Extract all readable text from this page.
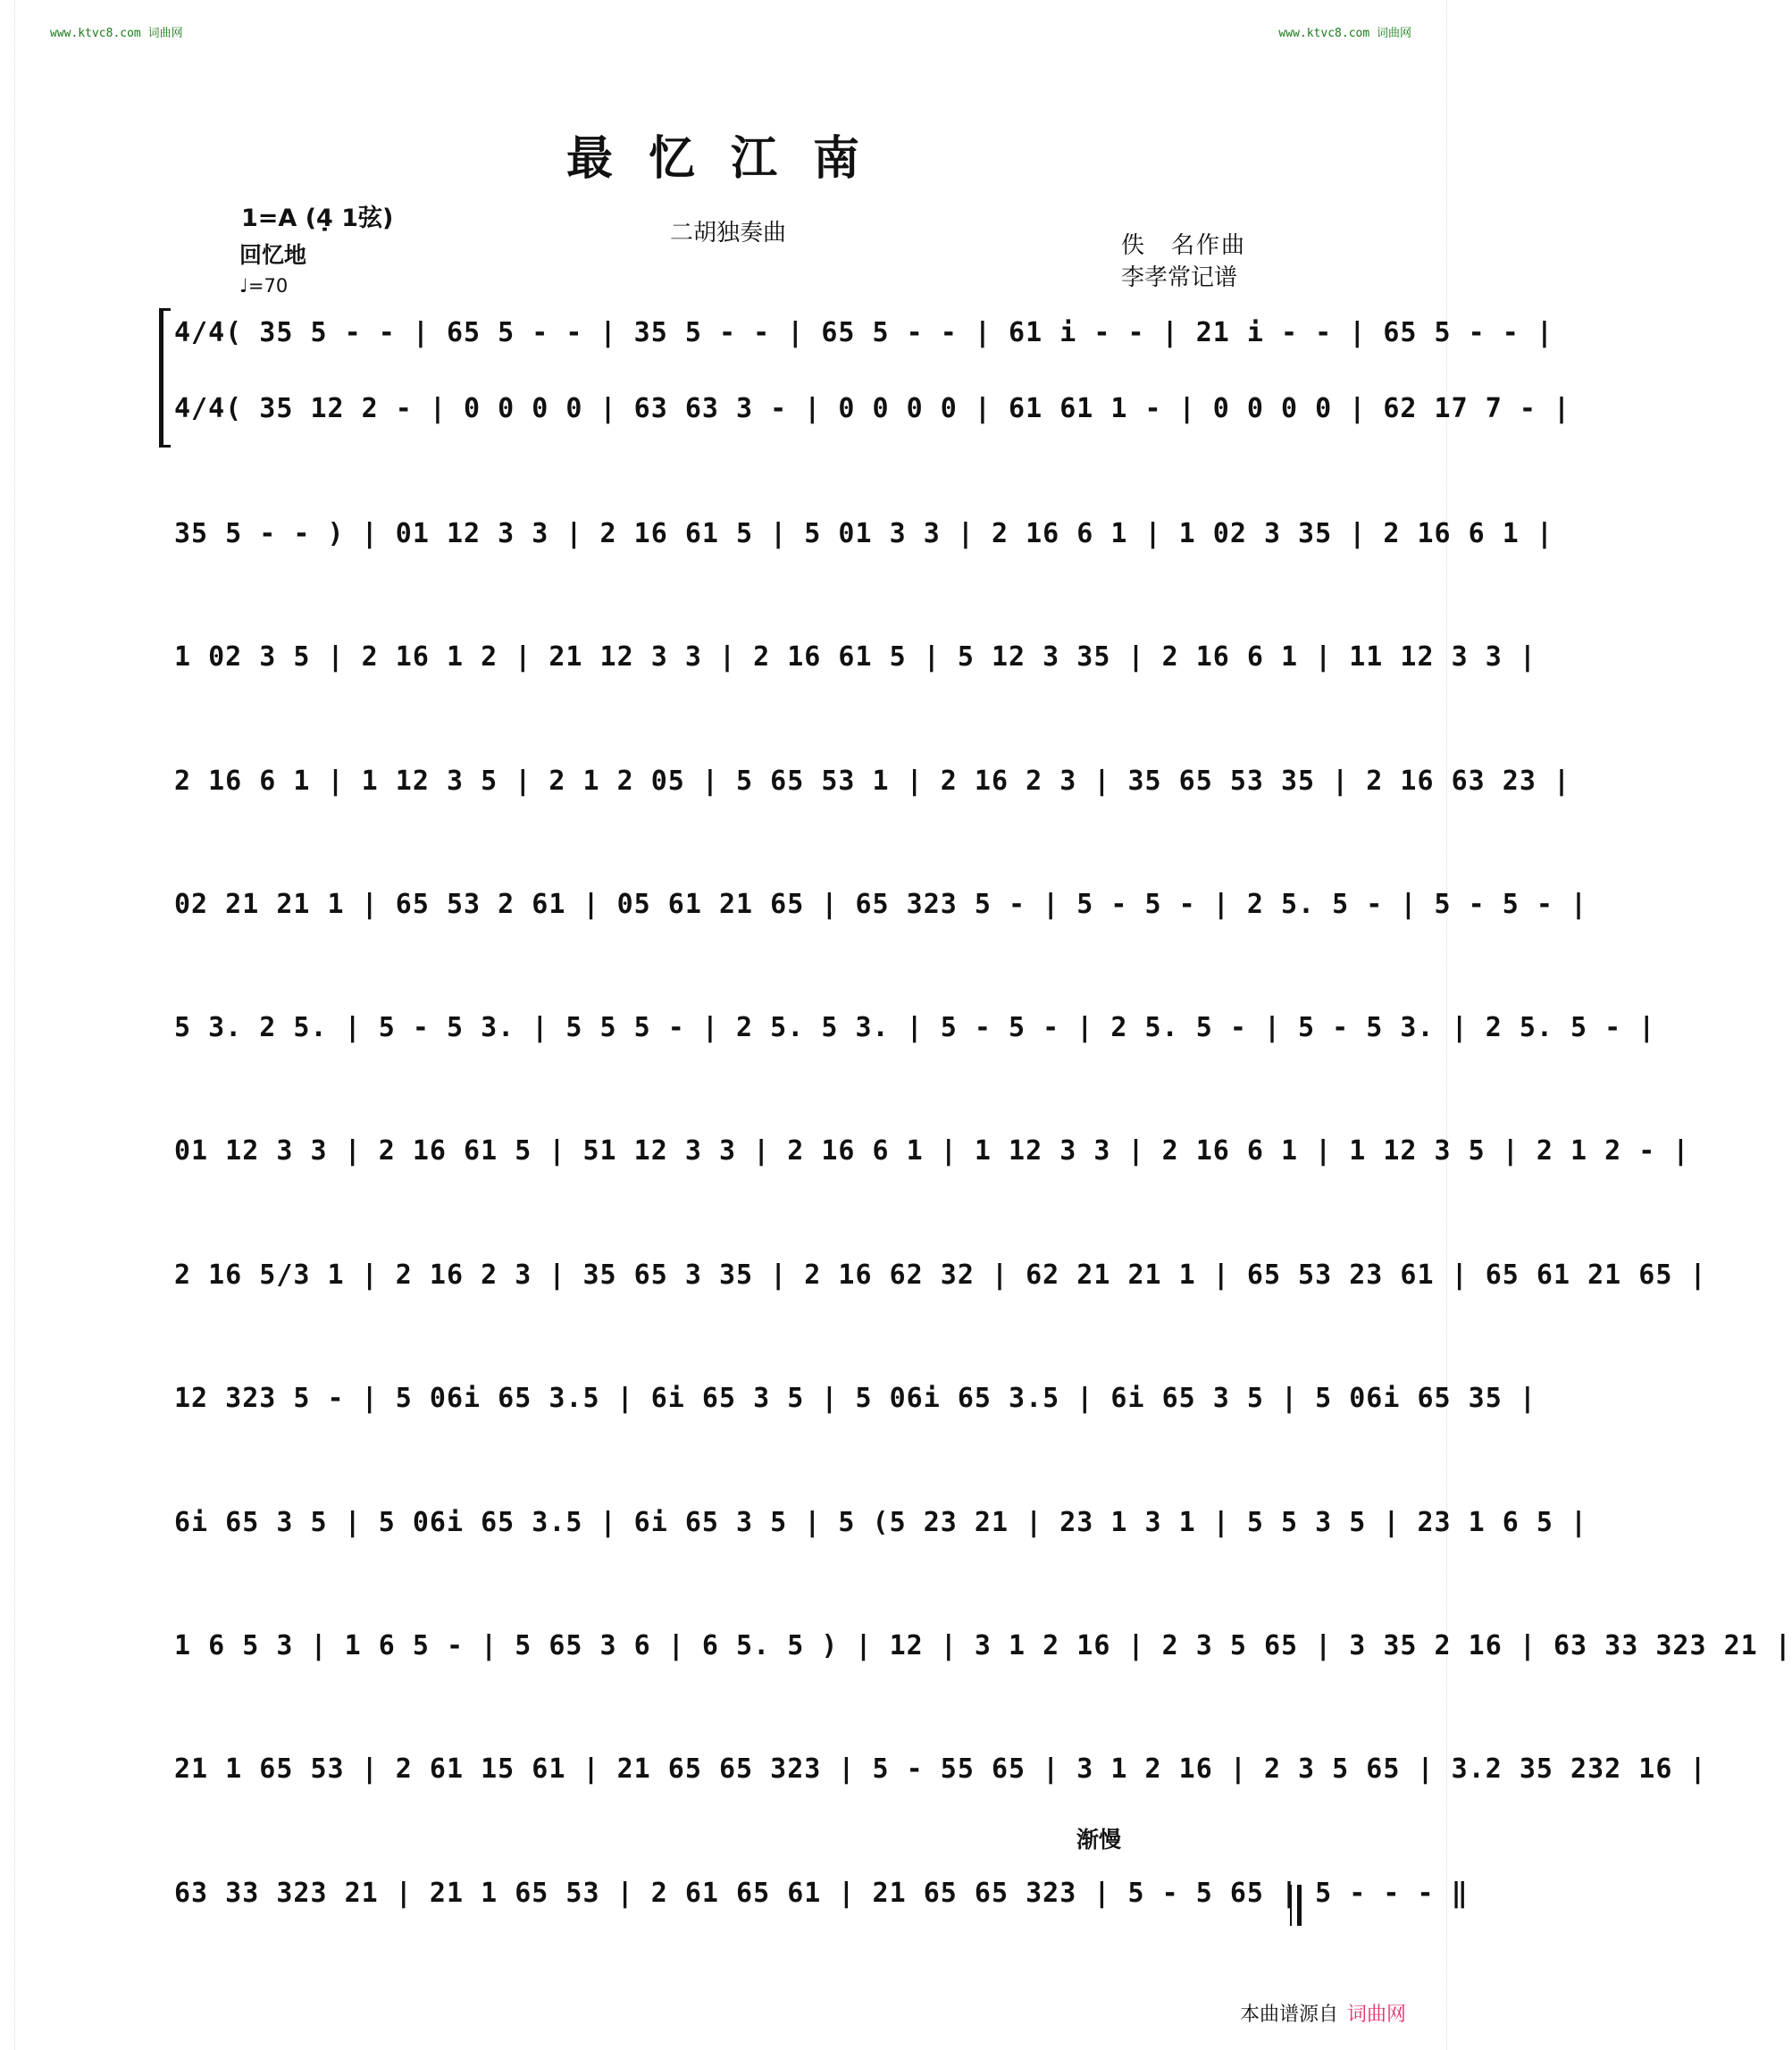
www.ktvc8.com 词曲网	www.ktvc8.com 词曲网
最忆江南
1=A (4̣ 1弦)
回忆地
♩=70
二胡独奏曲	佚　名作曲
李孝常记谱
4/4( 35 5 - - | 65 5 - - | 35 5 - - | 65 5 - - | 61 i - - | 21 i - - | 65 5 - - |
4/4( 35 12 2 - | 0 0 0 0 | 63 63 3 - | 0 0 0 0 | 61 61 1 - | 0 0 0 0 | 62 17 7 - |
35 5 - - ) | 01 12 3 3 | 2 16 61 5 | 5 01 3 3 | 2 16 6 1 | 1 02 3 35 | 2 16 6 1 |
1 02 3 5 | 2 16 1 2 | 21 12 3 3 | 2 16 61 5 | 5 12 3 35 | 2 16 6 1 | 11 12 3 3 |
2 16 6 1 | 1 12 3 5 | 2 1 2 05 | 5 65 53 1 | 2 16 2 3 | 35 65 53 35 | 2 16 63 23 |
02 21 21 1 | 65 53 2 61 | 05 61 21 65 | 65 323 5 - | 5 - 5 - | 2 5. 5 - | 5 - 5 - |
5 3. 2 5. | 5 - 5 3. | 5 5 5 - | 2 5. 5 3. | 5 - 5 - | 2 5. 5 - | 5 - 5 3. | 2 5. 5 - |
01 12 3 3 | 2 16 61 5 | 51 12 3 3 | 2 16 6 1 | 1 12 3 3 | 2 16 6 1 | 1 12 3 5 | 2 1 2 - |
2 16 5/3 1 | 2 16 2 3 | 35 65 3 35 | 2 16 62 32 | 62 21 21 1 | 65 53 23 61 | 65 61 21 65 |
12 323 5 - | 5 06i 65 3.5 | 6i 65 3 5 | 5 06i 65 3.5 | 6i 65 3 5 | 5 06i 65 35 |
6i 65 3 5 | 5 06i 65 3.5 | 6i 65 3 5 | 5 (5 23 21 | 23 1 3 1 | 5 5 3 5 | 23 1 6 5 |
1 6 5 3 | 1 6 5 - | 5 65 3 6 | 6 5. 5 ) | 12 | 3 1 2 16 | 2 3 5 65 | 3 35 2 16 | 63 33 323 21 |
21 1 65 53 | 2 61 15 61 | 21 65 65 323 | 5 - 55 65 | 3 1 2 16 | 2 3 5 65 | 3.2 35 232 16 |
渐慢
63 33 323 21 | 21 1 65 53 | 2 61 65 61 | 21 65 65 323 | 5 - 5 65 | 5 - - - ‖
本曲谱源自 词曲网
